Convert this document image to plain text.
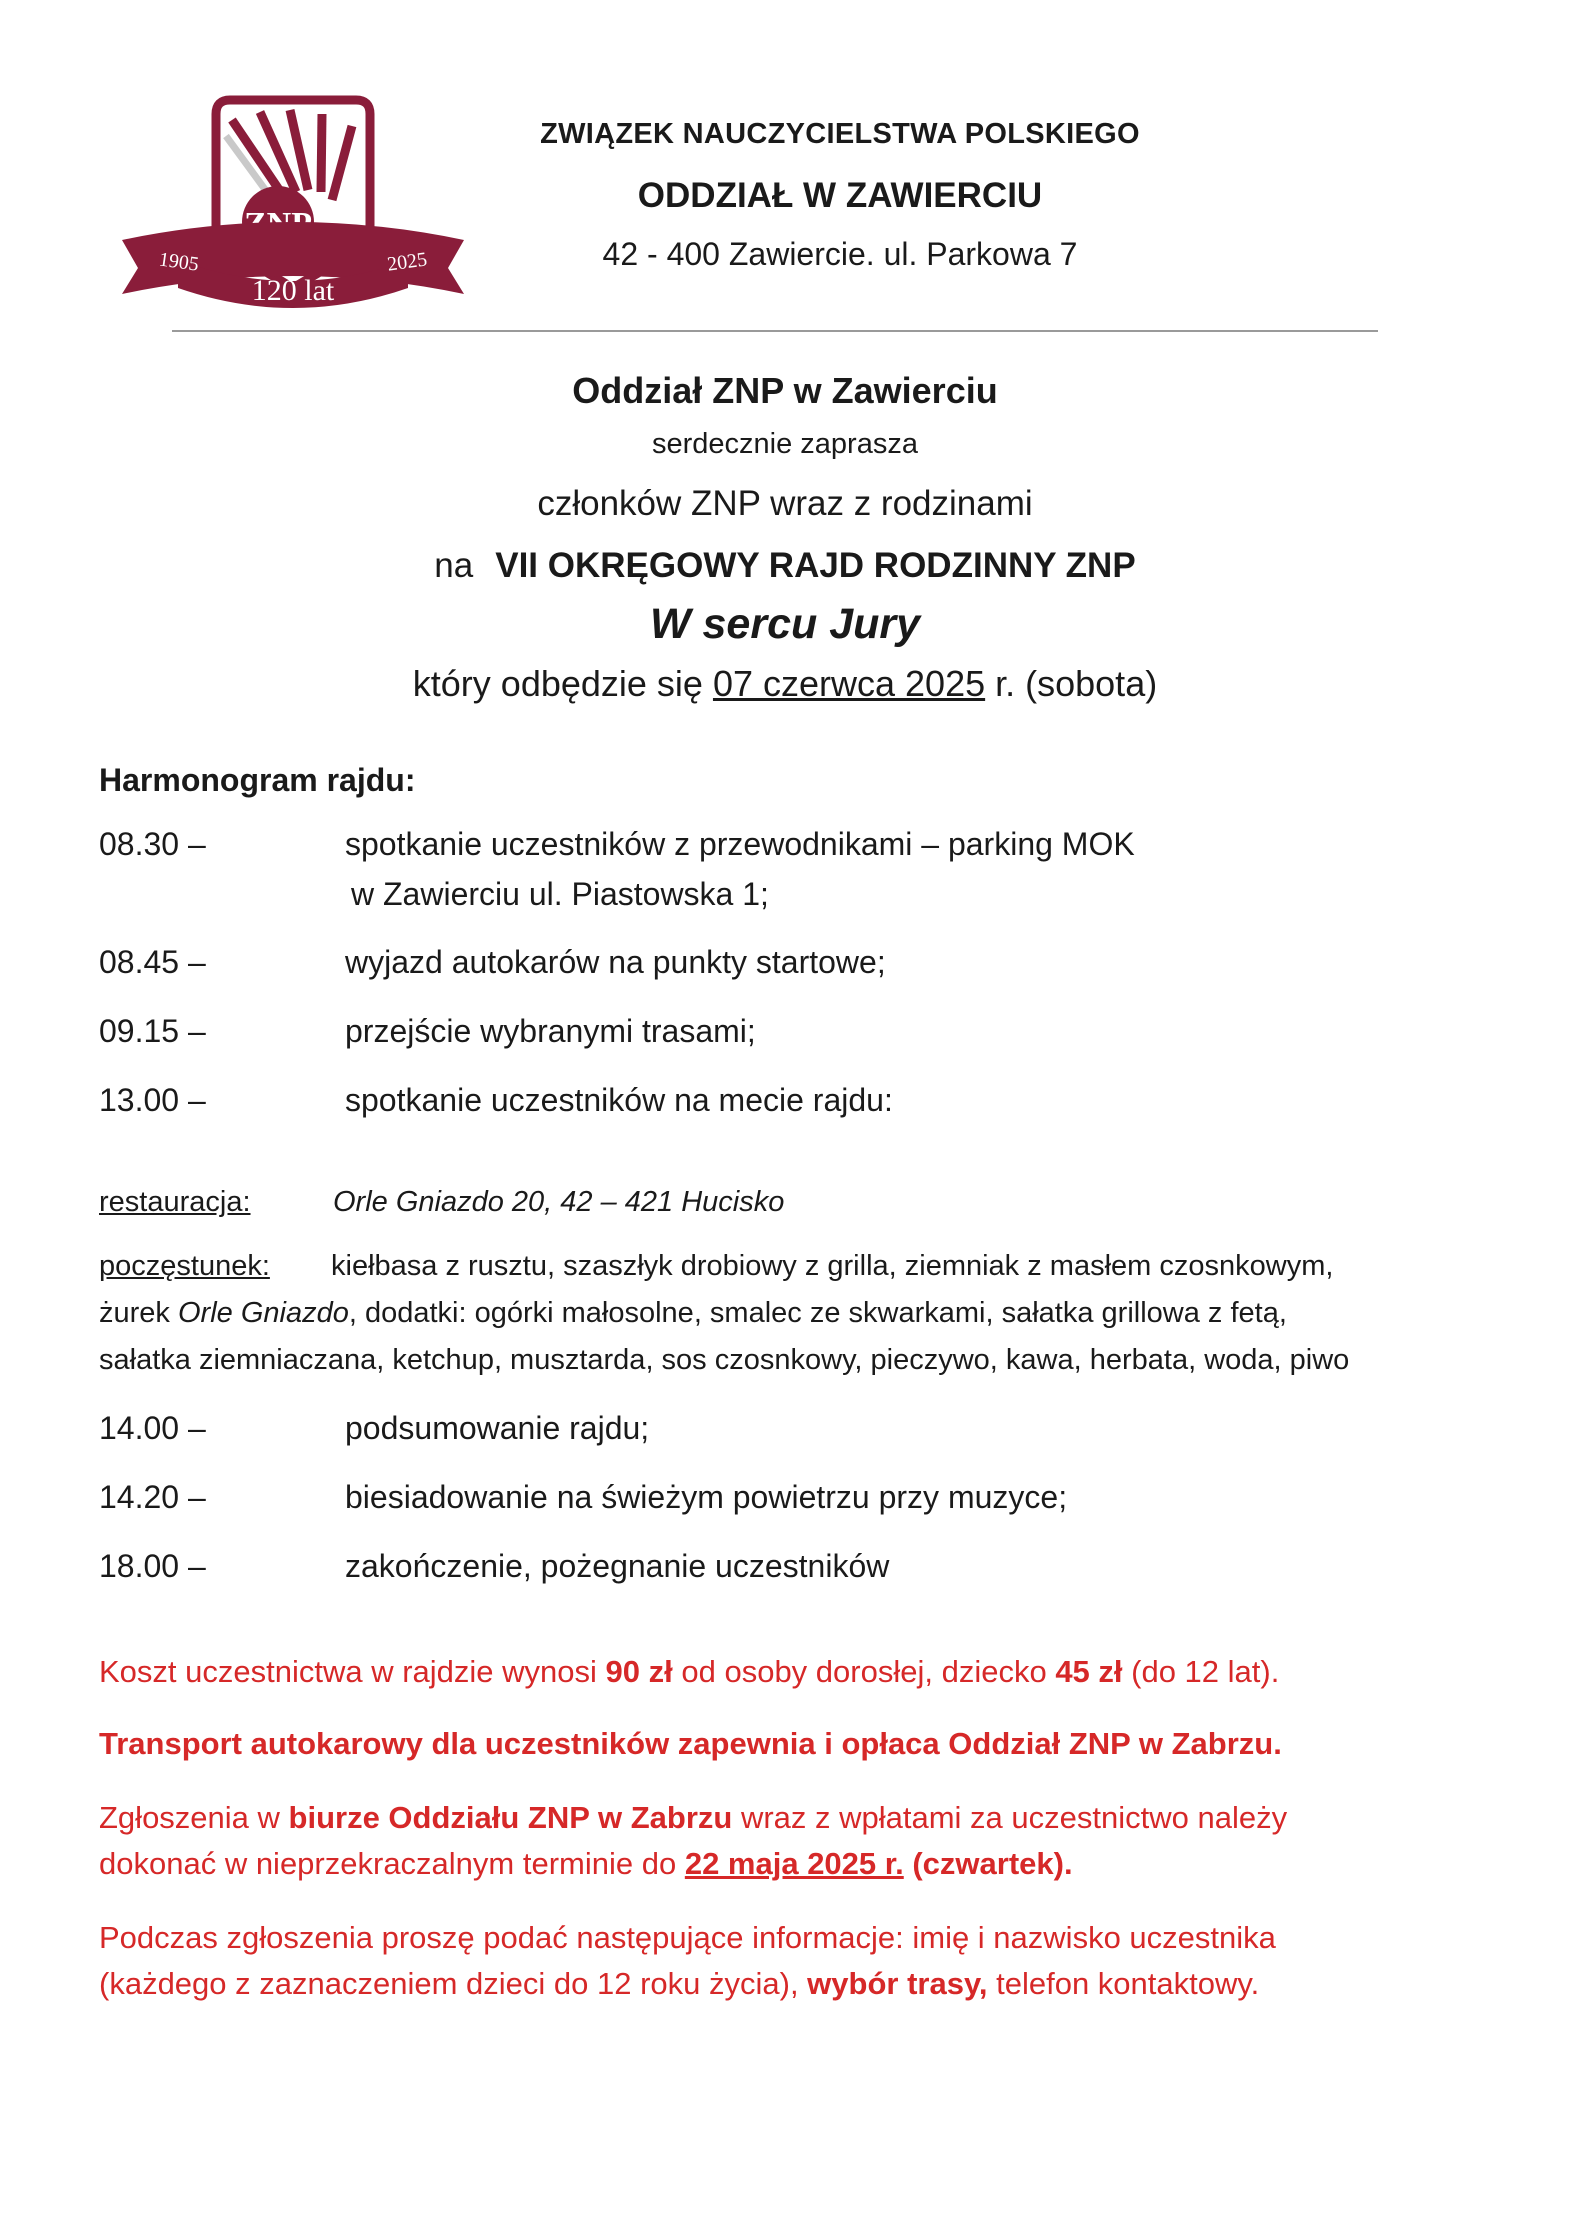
1905	2025
120 lat
ZWIĄZEK NAUCZYCIELSTWA POLSKIEGO
ODDZIAŁ W ZAWIERCIU
42 - 400 Zawiercie. ul. Parkowa 7
Oddział ZNP w Zawierciu
serdecznie zaprasza
członków ZNP wraz z rodzinami
na VII OKRĘGOWY RAJD RODZINNY ZNP
W sercu Jury
który odbędzie się 07 czerwca 2025 r. (sobota)
Harmonogram rajdu:
08.30 –	spotkanie uczestników z przewodnikami – parking MOK
w Zawierciu ul. Piastowska 1;
08.45 –	wyjazd autokarów na punkty startowe;
09.15 –	przejście wybranymi trasami;
13.00 –	spotkanie uczestników na mecie rajdu:
restauracja:	Orle Gniazdo 20, 42 – 421 Hucisko
poczęstunek: kiełbasa z rusztu, szaszłyk drobiowy z grilla, ziemniak z masłem czosnkowym,
żurek Orle Gniazdo, dodatki: ogórki małosolne, smalec ze skwarkami, sałatka grillowa z fetą,
sałatka ziemniaczana, ketchup, musztarda, sos czosnkowy, pieczywo, kawa, herbata, woda, piwo
14.00 –	podsumowanie rajdu;
14.20 –	biesiadowanie na świeżym powietrzu przy muzyce;
18.00 –	zakończenie, pożegnanie uczestników
Koszt uczestnictwa w rajdzie wynosi 90 zł od osoby dorosłej, dziecko 45 zł (do 12 lat).
Transport autokarowy dla uczestników zapewnia i opłaca Oddział ZNP w Zabrzu.
Zgłoszenia w biurze Oddziału ZNP w Zabrzu wraz z wpłatami za uczestnictwo należy
dokonać w nieprzekraczalnym terminie do 22 maja 2025 r. (czwartek).
Podczas zgłoszenia proszę podać następujące informacje: imię i nazwisko uczestnika
(każdego z zaznaczeniem dzieci do 12 roku życia), wybór trasy, telefon kontaktowy.
